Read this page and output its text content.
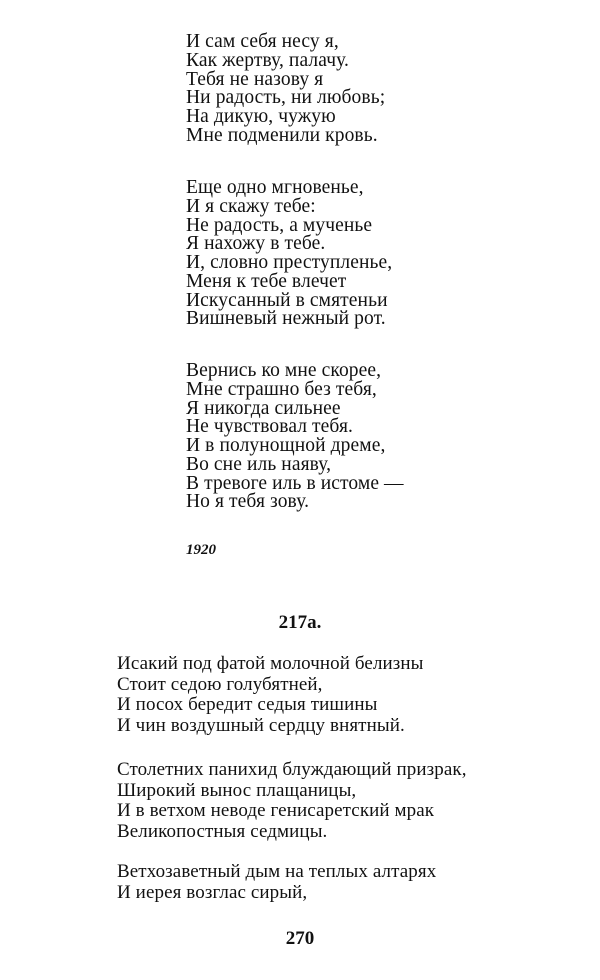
И сам себя несу я,
Как жертву, палачу.
Тебя не назову я
Ни радость, ни любовь;
На дикую, чужую
Мне подменили кровь.
Еще одно мгновенье,
И я скажу тебе:
Не радость, а мученье
Я нахожу в тебе.
И, словно преступленье,
Меня к тебе влечет
Искусанный в смятеньи
Вишневый нежный рот.
Вернись ко мне скорее,
Мне страшно без тебя,
Я никогда сильнее
Не чувствовал тебя.
И в полунощной дреме,
Во сне иль наяву,
В тревоге иль в истоме —
Но я тебя зову.
1920
217а.
Исакий под фатой молочной белизны
Стоит седою голубятней,
И посох бередит седыя тишины
И чин воздушный сердцу внятный.
Столетних панихид блуждающий призрак,
Широкий вынос плащаницы,
И в ветхом неводе генисаретский мрак
Великопостныя седмицы.
Ветхозаветный дым на теплых алтарях
И иерея возглас сирый,
270
